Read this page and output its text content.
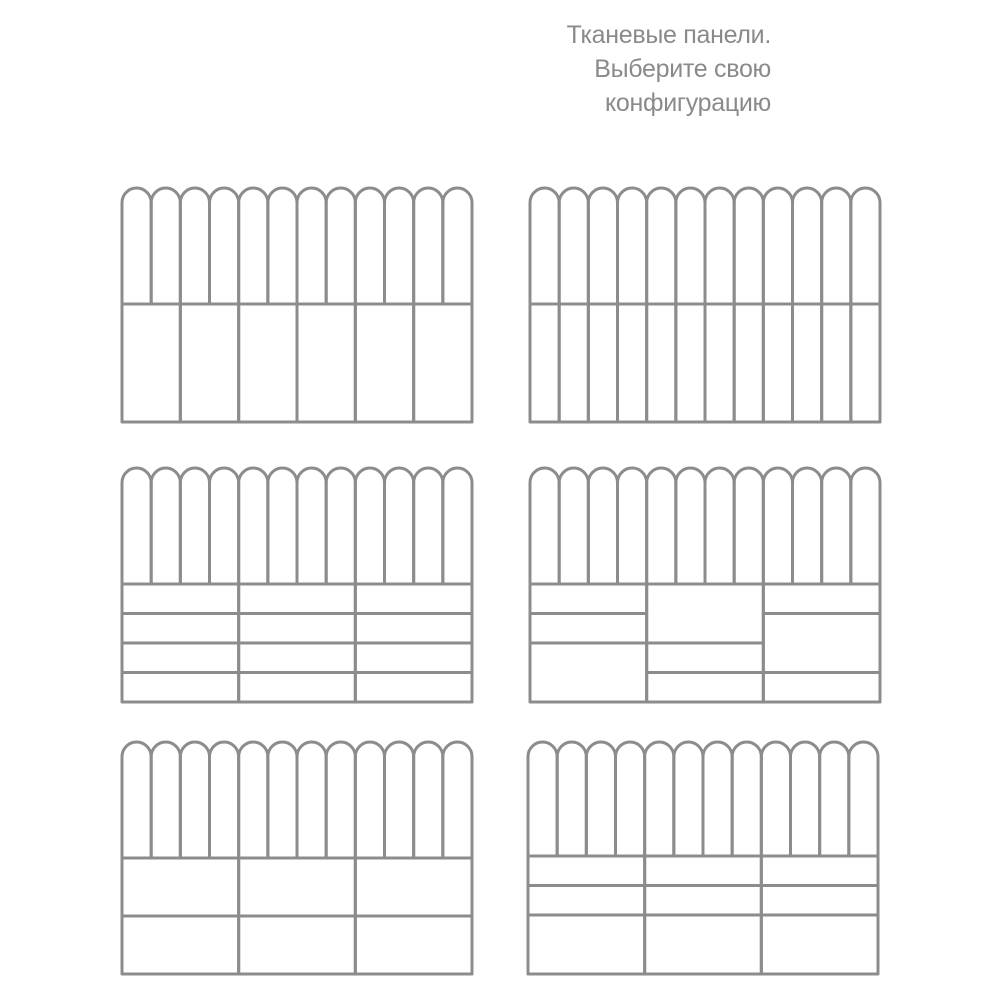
Тканевые панели.
Выберите свою
конфигурацию
